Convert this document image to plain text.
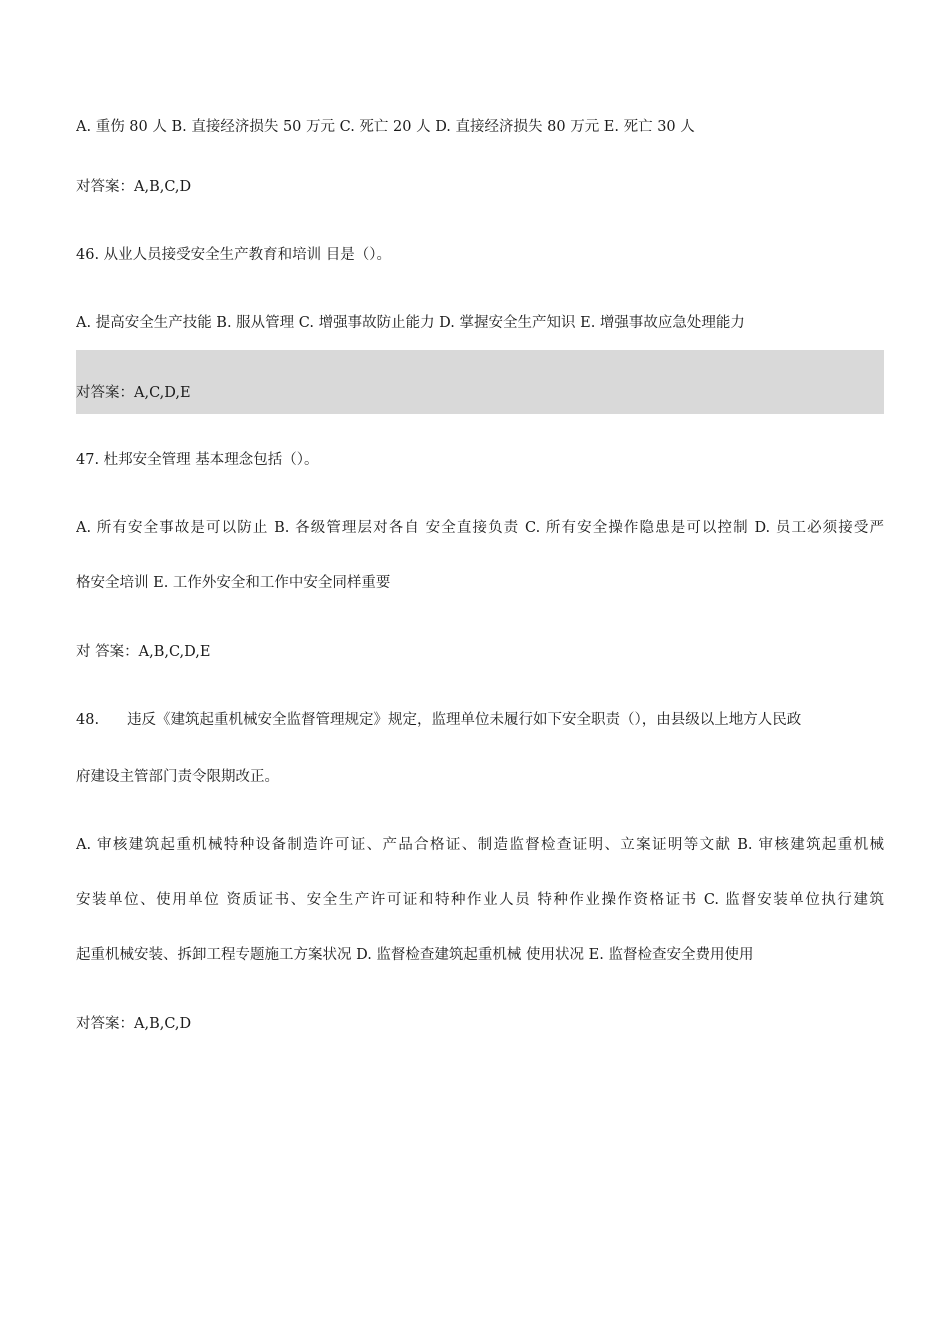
A. 重伤 80 人 B. 直接经济损失 50 万元 C. 死亡 20 人 D. 直接经济损失 80 万元 E. 死亡 30 人
对答案：A,B,C,D
46. 从业人员接受安全生产教育和培训 目是（）。
A. 提高安全生产技能 B. 服从管理 C. 增强事故防止能力 D. 掌握安全生产知识 E. 增强事故应急处理能力
对答案：A,C,D,E
47. 杜邦安全管理 基本理念包括（）。
A. 所有安全事故是可以防止 B. 各级管理层对各自 安全直接负责 C. 所有安全操作隐患是可以控制 D. 员工必须接受严
格安全培训 E. 工作外安全和工作中安全同样重要
对 答案：A,B,C,D,E
48. 违反《建筑起重机械安全监督管理规定》规定，监理单位未履行如下安全职责（），由县级以上地方人民政
府建设主管部门责令限期改正。
A. 审核建筑起重机械特种设备制造许可证、产品合格证、制造监督检查证明、立案证明等文献 B. 审核建筑起重机械
安装单位、使用单位 资质证书、安全生产许可证和特种作业人员 特种作业操作资格证书 C. 监督安装单位执行建筑
起重机械安装、拆卸工程专题施工方案状况 D. 监督检查建筑起重机械 使用状况 E. 监督检查安全费用使用
对答案：A,B,C,D
